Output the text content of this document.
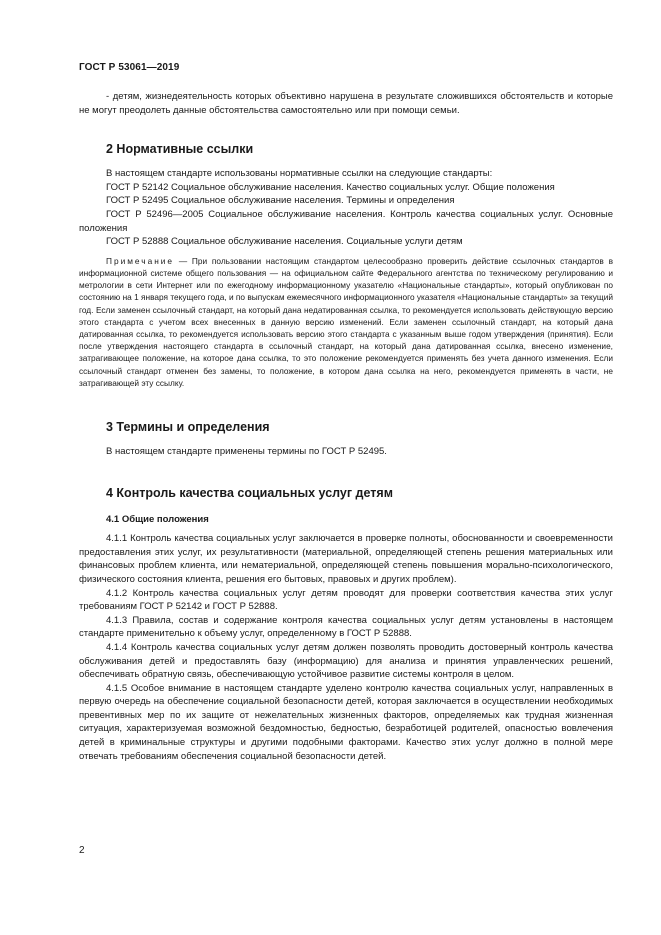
ГОСТ Р 53061—2019

- детям, жизнедеятельность которых объективно нарушена в результате сложившихся обстоятельств и которые не могут преодолеть данные обстоятельства самостоятельно или при помощи семьи.

2 Нормативные ссылки

В настоящем стандарте использованы нормативные ссылки на следующие стандарты:

ГОСТ Р 52142 Социальное обслуживание населения. Качество социальных услуг. Общие положения

ГОСТ Р 52495 Социальное обслуживание населения. Термины и определения

ГОСТ Р 52496—2005 Социальное обслуживание населения. Контроль качества социальных услуг. Основные положения

ГОСТ Р 52888 Социальное обслуживание населения. Социальные услуги детям

Примечание — При пользовании настоящим стандартом целесообразно проверить действие ссылочных стандартов в информационной системе общего пользования — на официальном сайте Федерального агентства по техническому регулированию и метрологии в сети Интернет или по ежегодному информационному указателю «Национальные стандарты», который опубликован по состоянию на 1 января текущего года, и по выпускам ежемесячного информационного указателя «Национальные стандарты» за текущий год. Если заменен ссылочный стандарт, на который дана недатированная ссылка, то рекомендуется использовать действующую версию этого стандарта с учетом всех внесенных в данную версию изменений. Если заменен ссылочный стандарт, на который дана датированная ссылка, то рекомендуется использовать версию этого стандарта с указанным выше годом утверждения (принятия). Если после утверждения настоящего стандарта в ссылочный стандарт, на который дана датированная ссылка, внесено изменение, затрагивающее положение, на которое дана ссылка, то это положение рекомендуется применять без учета данного изменения. Если ссылочный стандарт отменен без замены, то положение, в котором дана ссылка на него, рекомендуется применять в части, не затрагивающей эту ссылку.

3 Термины и определения

В настоящем стандарте применены термины по ГОСТ Р 52495.

4 Контроль качества социальных услуг детям
4.1 Общие положения

4.1.1 Контроль качества социальных услуг заключается в проверке полноты, обоснованности и своевременности предоставления этих услуг, их результативности (материальной, определяющей степень решения материальных или финансовых проблем клиента, или нематериальной, определяющей степень повышения морально-психологического, физического состояния клиента, решения его бытовых, правовых и других проблем).

4.1.2 Контроль качества социальных услуг детям проводят для проверки соответствия качества этих услуг требованиям ГОСТ Р 52142 и ГОСТ Р 52888.

4.1.3 Правила, состав и содержание контроля качества социальных услуг детям установлены в настоящем стандарте применительно к объему услуг, определенному в ГОСТ Р 52888.

4.1.4 Контроль качества социальных услуг детям должен позволять проводить достоверный контроль качества обслуживания детей и предоставлять базу (информацию) для анализа и принятия управленческих решений, обеспечивать обратную связь, обеспечивающую устойчивое развитие системы контроля в целом.

4.1.5 Особое внимание в настоящем стандарте уделено контролю качества социальных услуг, направленных в первую очередь на обеспечение социальной безопасности детей, которая заключается в осуществлении необходимых превентивных мер по их защите от нежелательных жизненных факторов, определяемых как трудная жизненная ситуация, характеризуемая возможной бездомностью, бедностью, безработицей родителей, опасностью вовлечения детей в криминальные структуры и другими подобными факторами. Качество этих услуг должно в полной мере отвечать требованиям обеспечения социальной безопасности детей.

2
